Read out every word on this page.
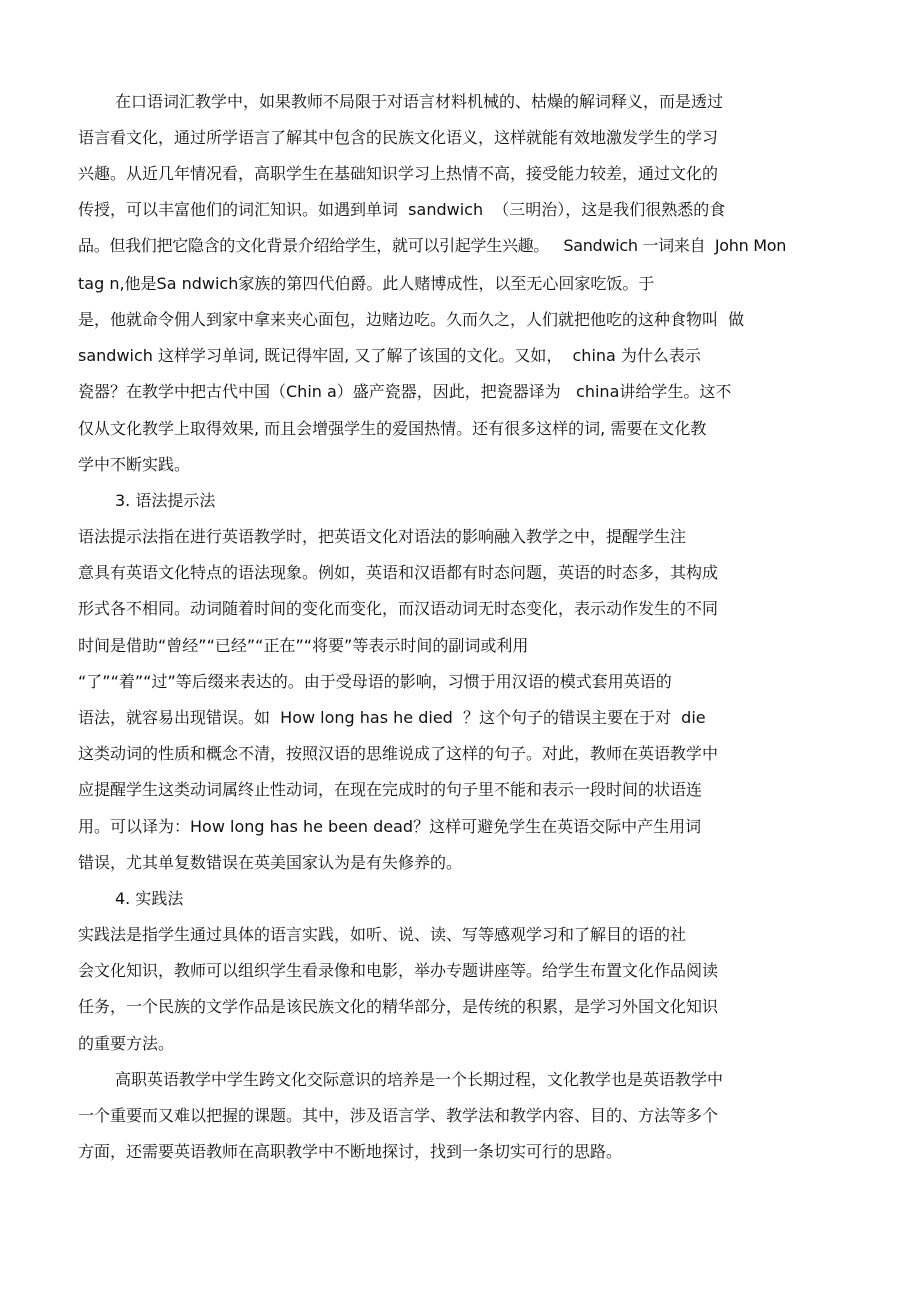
在口语词汇教学中，如果教师不局限于对语言材料机械的、枯燥的解词释义，而是透过
语言看文化，通过所学语言了解其中包含的民族文化语义，这样就能有效地激发学生的学习
兴趣。从近几年情况看，高职学生在基础知识学习上热情不高，接受能力较差，通过文化的
传授，可以丰富他们的词汇知识。如遇到单词  sandwich  （三明治），这是我们很熟悉的食
品。但我们把它隐含的文化背景介绍给学生，就可以引起学生兴趣。   Sandwich 一词来自  John Mon
tag n,他是Sa ndwich家族的第四代伯爵。此人赌博成性，以至无心回家吃饭。于
是，他就命令佣人到家中拿来夹心面包，边赌边吃。久而久之，人们就把他吃的这种食物叫  做
sandwich 这样学习单词, 既记得牢固, 又了解了该国的文化。又如，  china 为什么表示
瓷器？在教学中把古代中国（Chin a）盛产瓷器，因此，把瓷器译为   china讲给学生。这不
仅从文化教学上取得效果, 而且会增强学生的爱国热情。还有很多这样的词, 需要在文化教
学中不断实践。
3. 语法提示法
语法提示法指在进行英语教学时，把英语文化对语法的影响融入教学之中，提醒学生注
意具有英语文化特点的语法现象。例如，英语和汉语都有时态问题，英语的时态多，其构成
形式各不相同。动词随着时间的变化而变化，而汉语动词无时态变化，表示动作发生的不同
时间是借助“曾经”“已经”“正在”“将要”等表示时间的副词或利用
“了”“着”“过”等后缀来表达的。由于受母语的影响，习惯于用汉语的模式套用英语的
语法，就容易出现错误。如  How long has he died  ？这个句子的错误主要在于对  die
这类动词的性质和概念不清，按照汉语的思维说成了这样的句子。对此，教师在英语教学中
应提醒学生这类动词属终止性动词，在现在完成时的句子里不能和表示一段时间的状语连
用。可以译为：How long has he been dead？这样可避免学生在英语交际中产生用词
错误，尤其单复数错误在英美国家认为是有失修养的。
4. 实践法
实践法是指学生通过具体的语言实践，如听、说、读、写等感观学习和了解目的语的社
会文化知识，教师可以组织学生看录像和电影，举办专题讲座等。给学生布置文化作品阅读
任务，一个民族的文学作品是该民族文化的精华部分，是传统的积累，是学习外国文化知识
的重要方法。
高职英语教学中学生跨文化交际意识的培养是一个长期过程，文化教学也是英语教学中
一个重要而又难以把握的课题。其中，涉及语言学、教学法和教学内容、目的、方法等多个
方面，还需要英语教师在高职教学中不断地探讨，找到一条切实可行的思路。
